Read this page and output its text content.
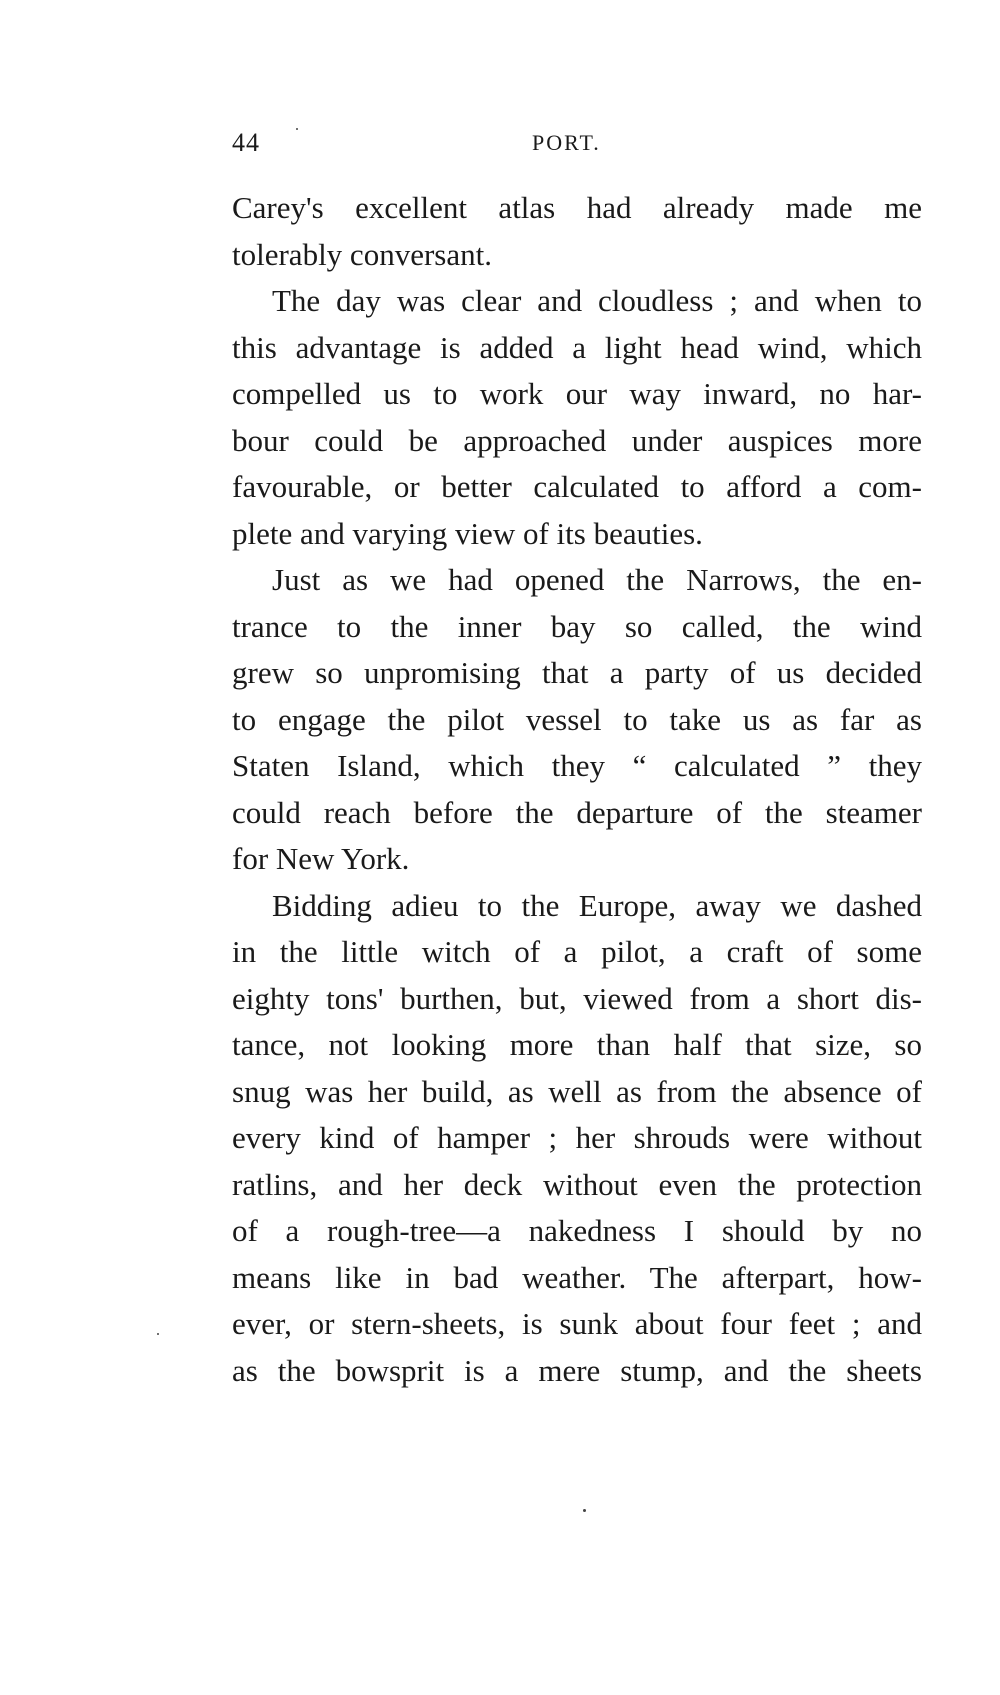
44	PORT.

Carey's excellent atlas had already made me
tolerably conversant.

The day was clear and cloudless ; and when to
this advantage is added a light head wind, which
compelled us to work our way inward, no har-
bour could be approached under auspices more
favourable, or better calculated to afford a com-
plete and varying view of its beauties.

Just as we had opened the Narrows, the en-
trance to the inner bay so called, the wind
grew so unpromising that a party of us decided
to engage the pilot vessel to take us as far as
Staten Island, which they “ calculated ” they
could reach before the departure of the steamer
for New York.

Bidding adieu to the Europe, away we dashed
in the little witch of a pilot, a craft of some
eighty tons' burthen, but, viewed from a short dis-
tance, not looking more than half that size, so
snug was her build, as well as from the absence of
every kind of hamper ; her shrouds were without
ratlins, and her deck without even the protection
of a rough-tree—a nakedness I should by no
means like in bad weather. The afterpart, how-
ever, or stern-sheets, is sunk about four feet ; and
as the bowsprit is a mere stump, and the sheets
